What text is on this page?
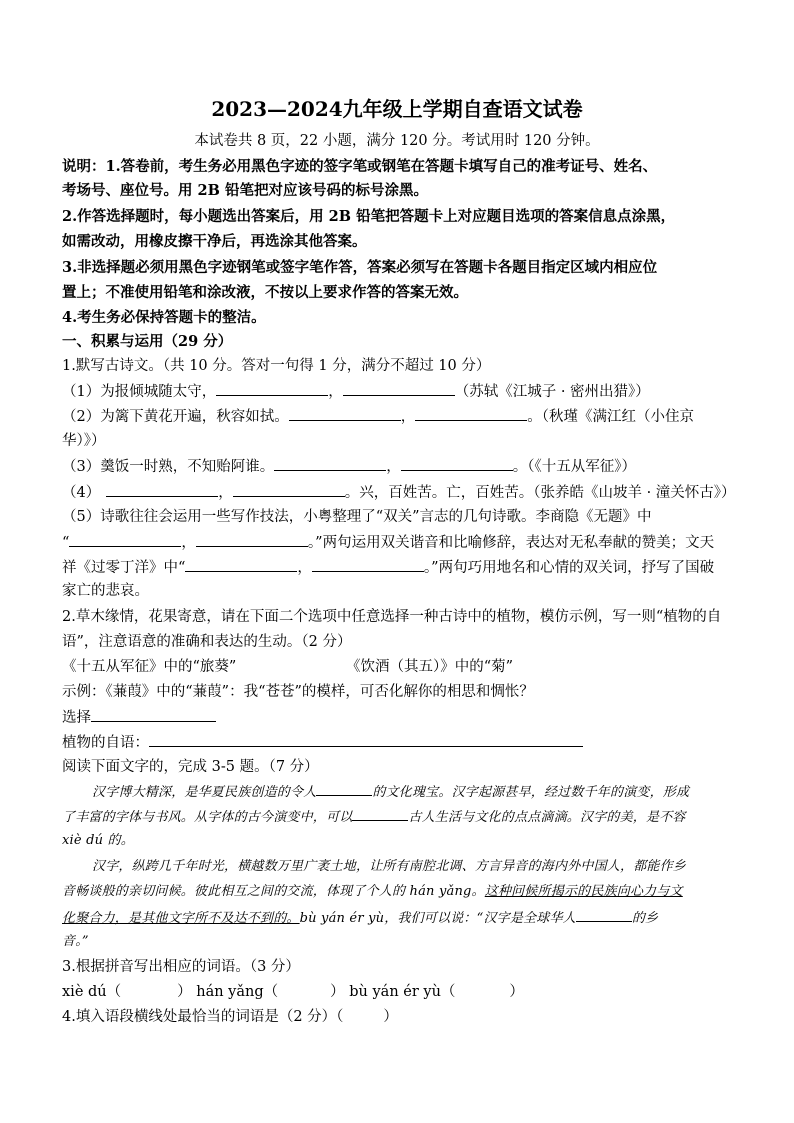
2023—2024九年级上学期自查语文试卷
本试卷共 8 页，22 小题，满分 120 分。考试用时 120 分钟。
说明：1.答卷前，考生务必用黑色字迹的签字笔或钢笔在答题卡填写自己的准考证号、姓名、
考场号、座位号。用 2B 铅笔把对应该号码的标号涂黑。
2.作答选择题时，每小题选出答案后，用 2B 铅笔把答题卡上对应题目选项的答案信息点涂黑，
如需改动，用橡皮擦干净后，再选涂其他答案。
3.非选择题必须用黑色字迹钢笔或签字笔作答，答案必须写在答题卡各题目指定区域内相应位
置上；不准使用铅笔和涂改液，不按以上要求作答的答案无效。
4.考生务必保持答题卡的整洁。
一、积累与运用（29 分）
1.默写古诗文。（共 10 分。答对一句得 1 分，满分不超过 10 分）
（1）为报倾城随太守，	，	（苏轼《江城子 · 密州出猎》）
（2）为篱下黄花开遍，秋容如拭。	，	。（秋瑾《满江红（小住京
华）》）
（3）羹饭一时熟，不知贻阿谁。	，	。（《十五从军征》）
（4）	，	。兴，百姓苦。亡，百姓苦。（张养皓《山坡羊 · 潼关怀古》）
（5）诗歌往往会运用一些写作技法，小粤整理了“双关”言志的几句诗歌。李商隐《无题》中
“	，	。”两句运用双关谐音和比喻修辞，表达对无私奉献的赞美；文天
祥《过零丁洋》中“	，	。”两句巧用地名和心情的双关词，抒写了国破
家亡的悲哀。
2.草木缘情，花果寄意，请在下面二个选项中任意选择一种古诗中的植物，模仿示例，写一则“植物的自
语”，注意语意的准确和表达的生动。（2 分）
《十五从军征》中的“旅葵”	《饮酒（其五）》中的“菊”
示例：《蒹葭》中的“蒹葭”：我“苍苍”的模样，可否化解你的相思和惆怅？
选择
植物的自语：
阅读下面文字的，完成 3-5 题。（7 分）
汉字博大精深，是华夏民族创造的令人	的文化瑰宝。汉字起源甚早，经过数千年的演变，形成
了丰富的字体与书风。从字体的古今演变中，可以	古人生活与文化的点点滴滴。汉字的美，是不容
xiè dú 的。
汉字，纵跨几千年时光，横越数万里广袤土地，让所有南腔北调、方言异音的海内外中国人，都能作乡
音畅谈般的亲切问候。彼此相互之间的交流，体现了个人的 hán yǎng。这种问候所揭示的民族向心力与文
化聚合力，是其他文字所不及达不到的。bù yán ér yù，我们可以说：“汉字是全球华人	的乡
音。”
3.根据拼音写出相应的词语。（3 分）
xiè dú（	） hán yǎng（	） bù yán ér yù（	）
4.填入语段横线处最恰当的词语是（2 分）（	）
